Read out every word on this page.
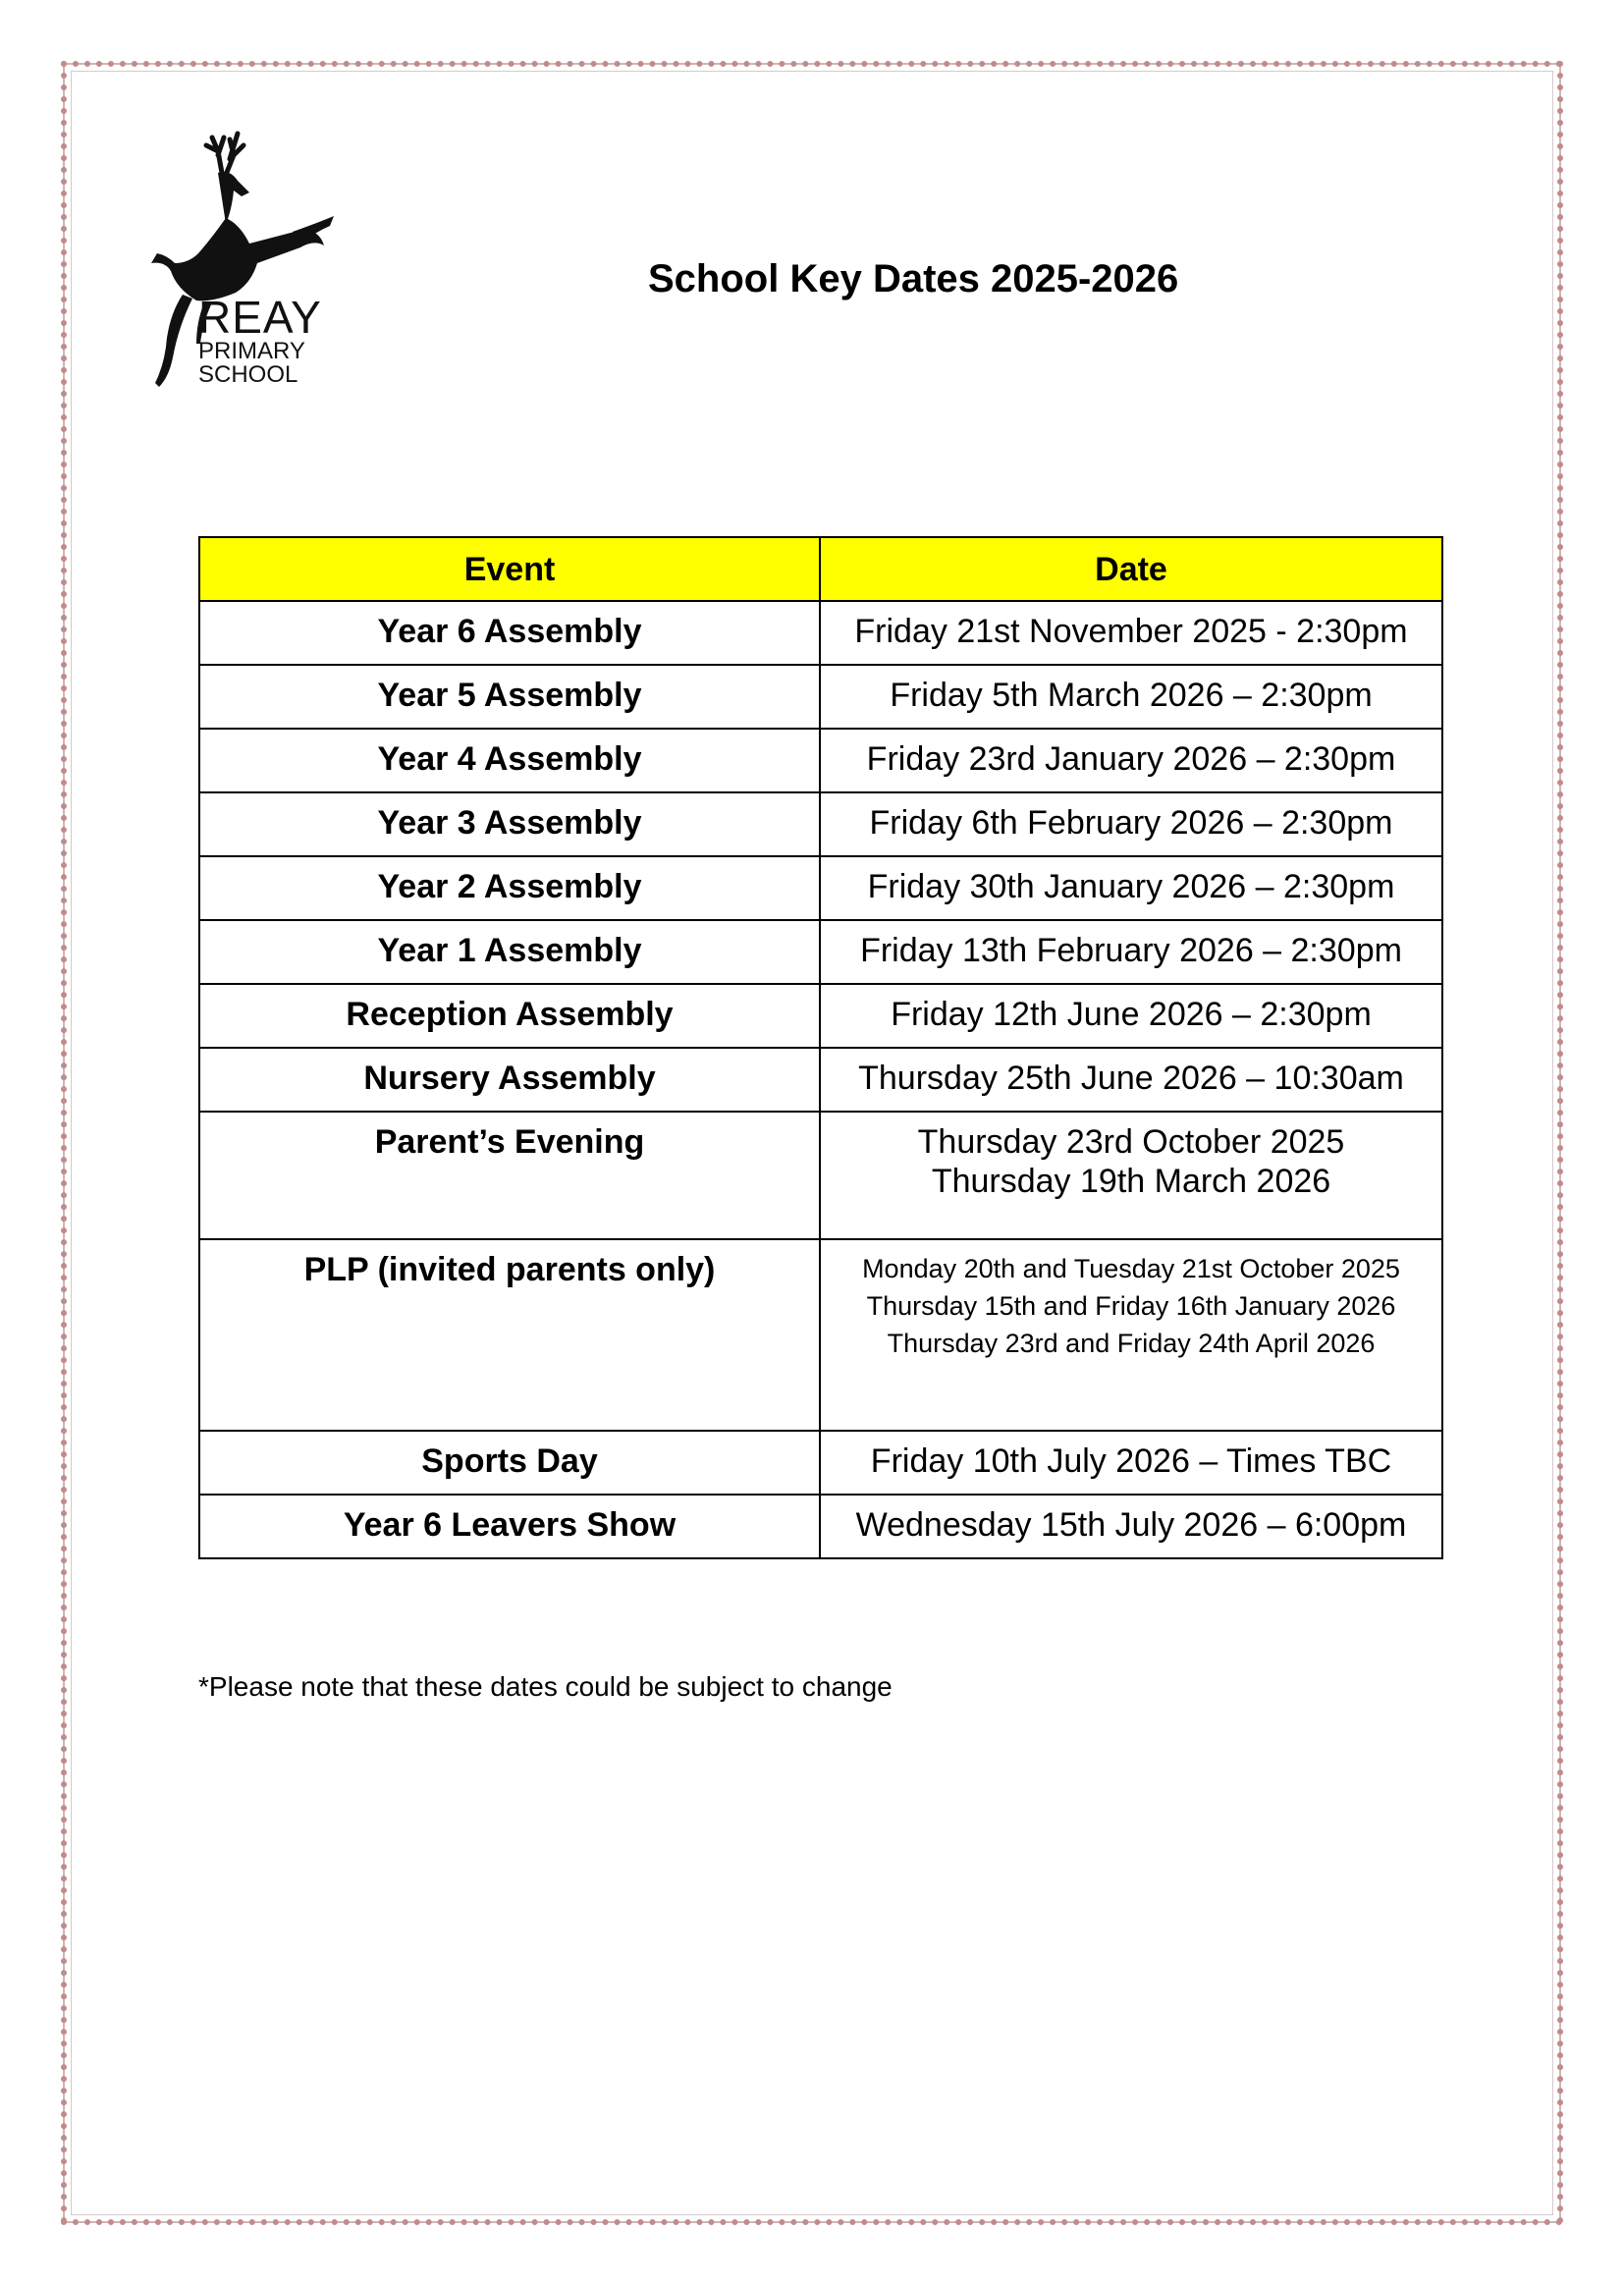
REAY
PRIMARY
SCHOOL
School Key Dates 2025-2026
Event	Date

Year 6 Assembly	Friday 21st November 2025 - 2:30pm

Year 5 Assembly	Friday 5th March 2026 – 2:30pm

Year 4 Assembly	Friday 23rd January 2026 – 2:30pm

Year 3 Assembly	Friday 6th February 2026 – 2:30pm

Year 2 Assembly	Friday 30th January 2026 – 2:30pm

Year 1 Assembly	Friday 13th February 2026 – 2:30pm

Reception Assembly	Friday 12th June 2026 – 2:30pm

Nursery Assembly	Thursday 25th June 2026 – 10:30am

Parent’s Evening	Thursday 23rd October 2025
Thursday 19th March 2026

PLP (invited parents only)	Monday 20th and Tuesday 21st October 2025
Thursday 15th and Friday 16th January 2026
Thursday 23rd and Friday 24th April 2026

Sports Day	Friday 10th July 2026 – Times TBC

Year 6 Leavers Show	Wednesday 15th July 2026 – 6:00pm
*Please note that these dates could be subject to change
